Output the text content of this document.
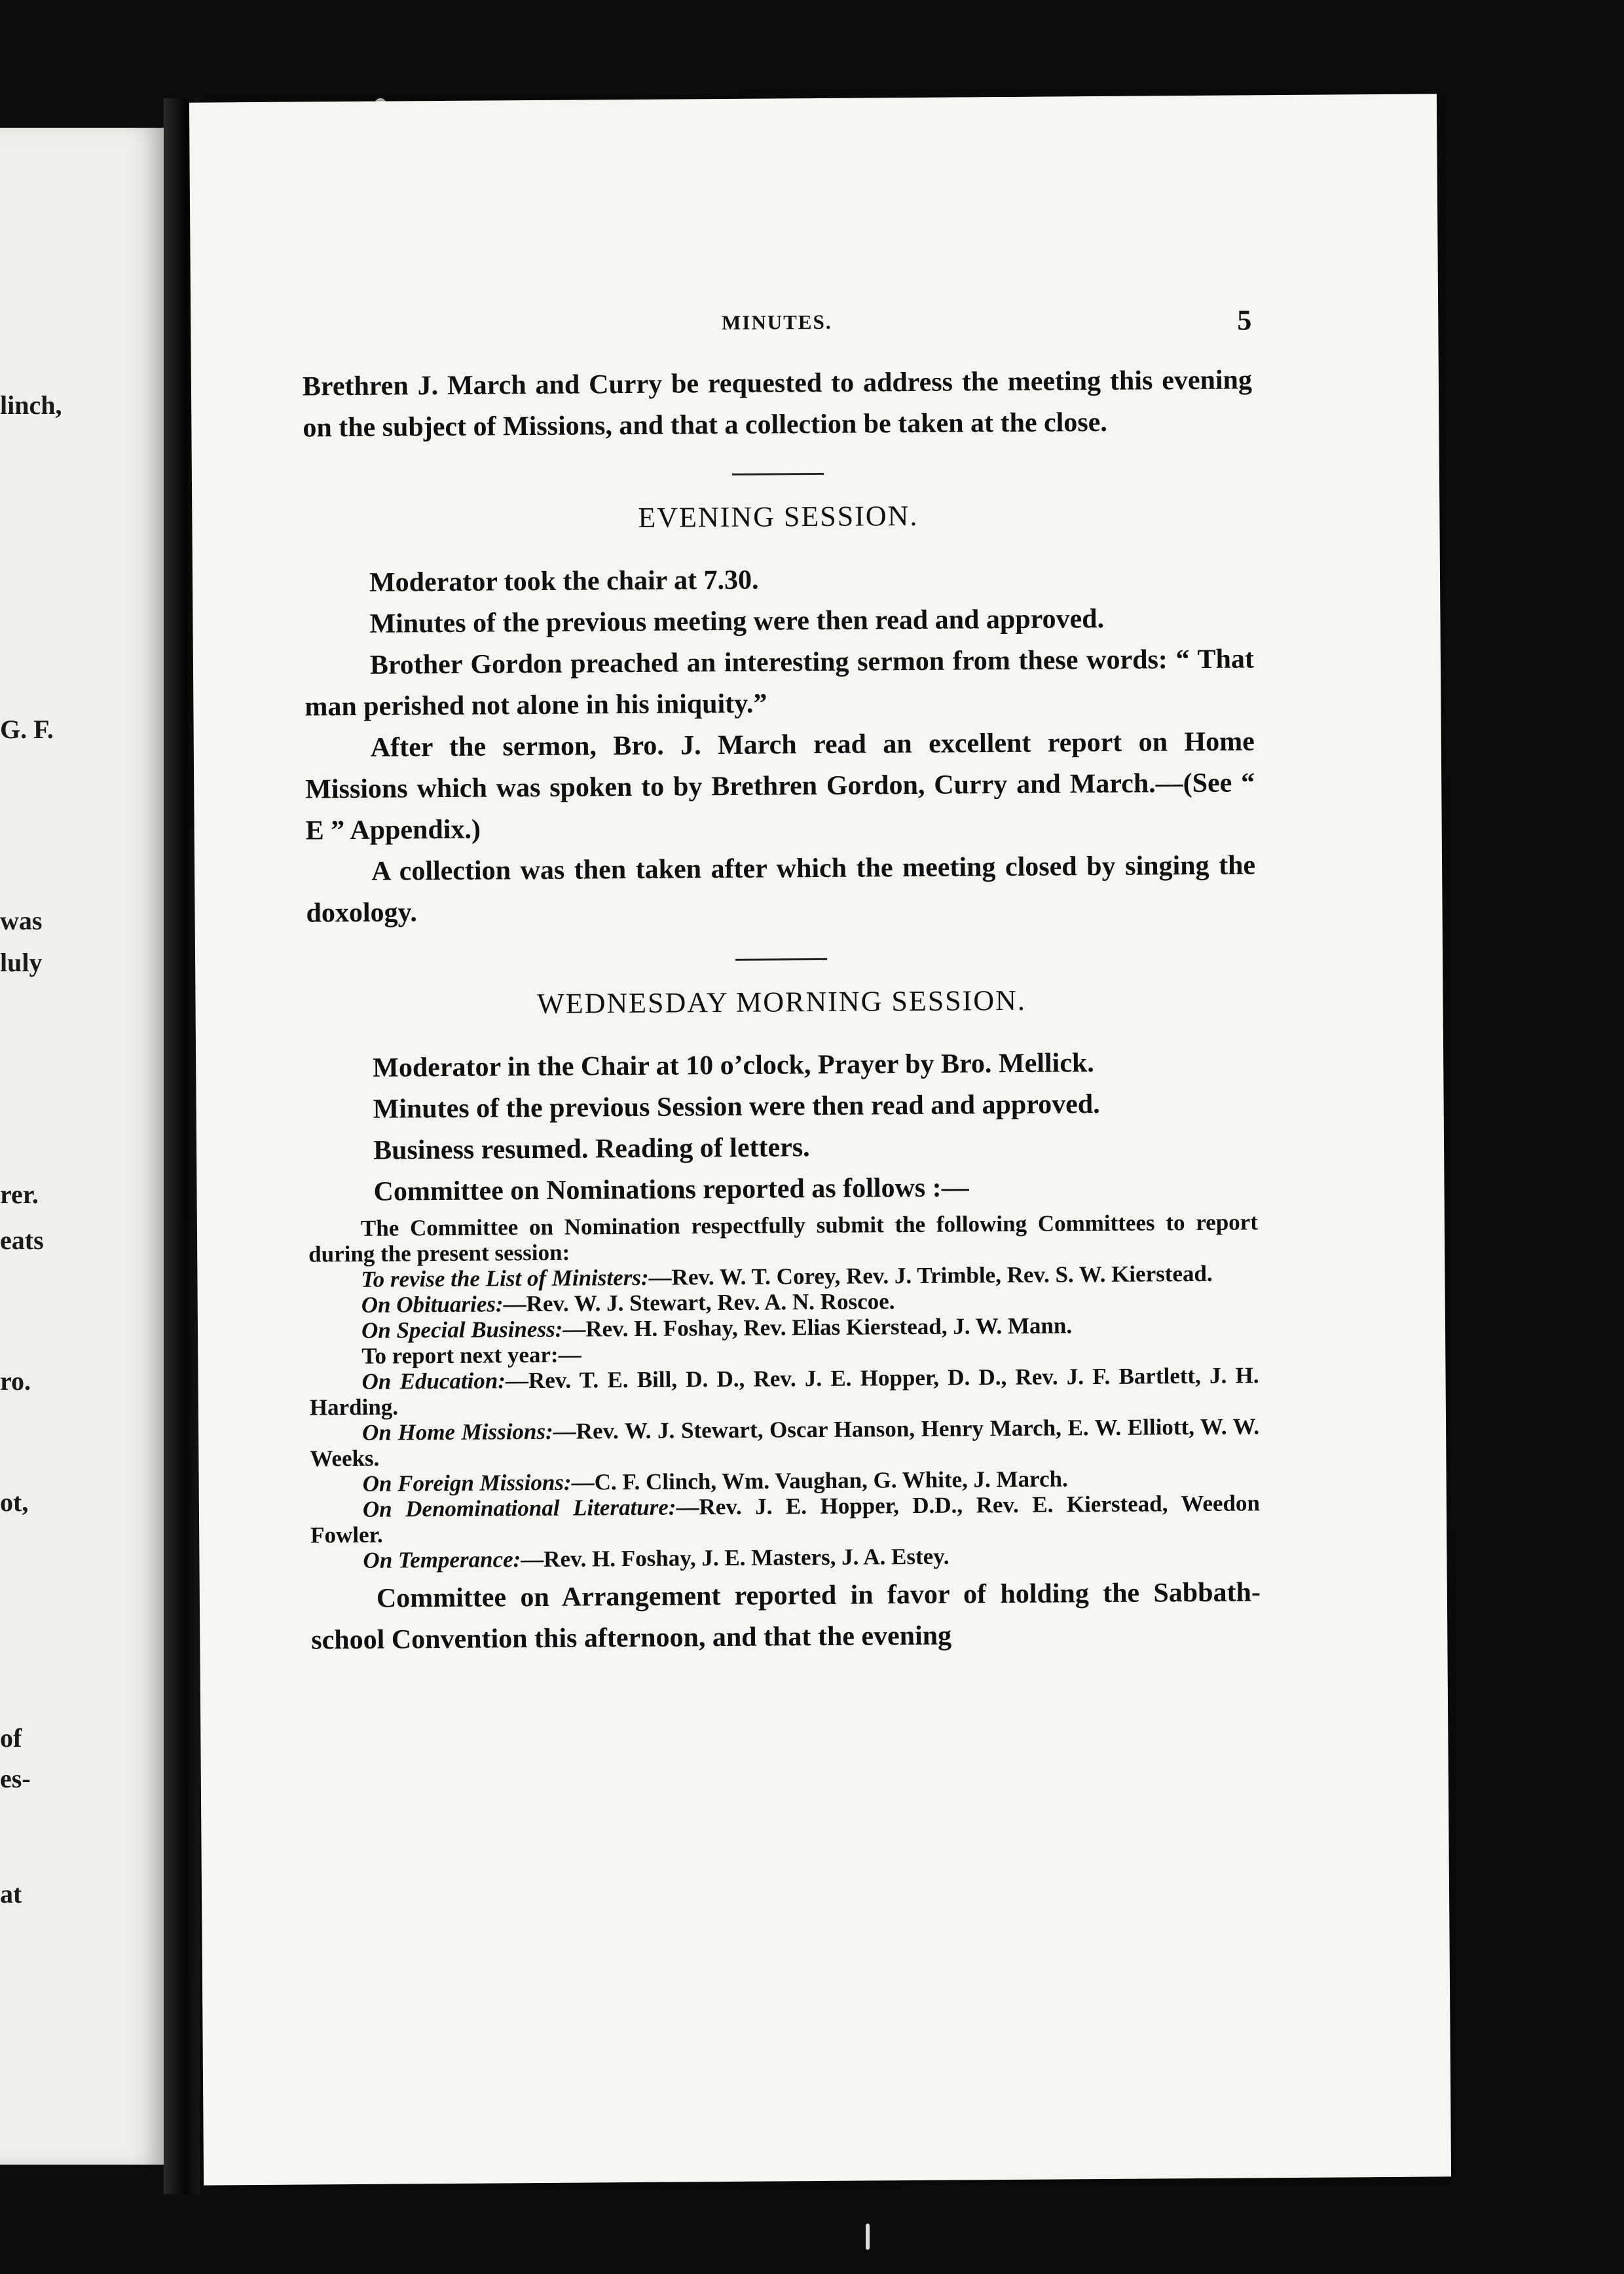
MINUTES.	5

Brethren J. March and Curry be requested to address the meeting this evening on the subject of Missions, and that a collection be taken at the close.

EVENING SESSION.

Moderator took the chair at 7.30.

Minutes of the previous meeting were then read and approved.

Brother Gordon preached an interesting sermon from these words: “ That man perished not alone in his iniquity.”

After the sermon, Bro. J. March read an excellent report on Home Missions which was spoken to by Brethren Gordon, Curry and March.—(See “ E ” Appendix.)

A collection was then taken after which the meeting closed by singing the doxology.

WEDNESDAY MORNING SESSION.

Moderator in the Chair at 10 o’clock, Prayer by Bro. Mellick.

Minutes of the previous Session were then read and approved.

Business resumed. Reading of letters.

Committee on Nominations reported as follows :—

The Committee on Nomination respectfully submit the following Committees to report during the present session:

To revise the List of Ministers:—Rev. W. T. Corey, Rev. J. Trimble, Rev. S. W. Kierstead.

On Obituaries:—Rev. W. J. Stewart, Rev. A. N. Roscoe.

On Special Business:—Rev. H. Foshay, Rev. Elias Kierstead, J. W. Mann.

To report next year:—

On Education:—Rev. T. E. Bill, D. D., Rev. J. E. Hopper, D. D., Rev. J. F. Bartlett, J. H. Harding.

On Home Missions:—Rev. W. J. Stewart, Oscar Hanson, Henry March, E. W. Elliott, W. W. Weeks.

On Foreign Missions:—C. F. Clinch, Wm. Vaughan, G. White, J. March.

On Denominational Literature:—Rev. J. E. Hopper, D.D., Rev. E. Kierstead, Weedon Fowler.

On Temperance:—Rev. H. Foshay, J. E. Masters, J. A. Estey.

Committee on Arrangement reported in favor of holding the Sabbath-school Convention this afternoon, and that the evening

linch,
G. F.
was
luly
rer.
eats
ro.
ot,
of
es-
at
